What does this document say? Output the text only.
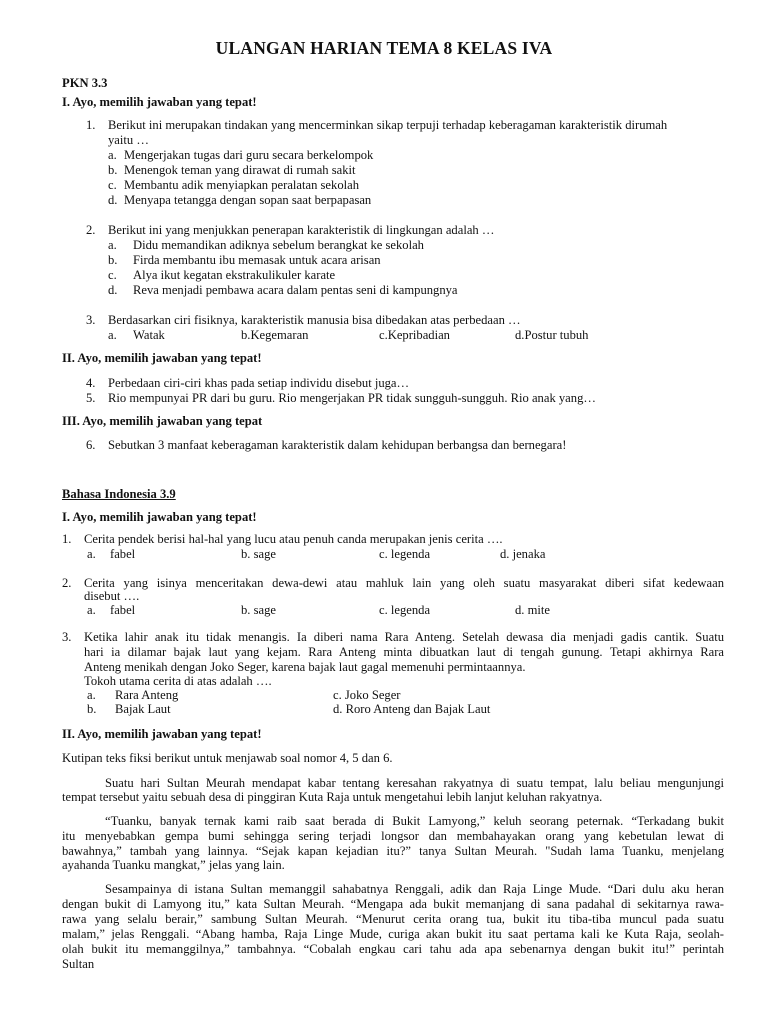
ULANGAN HARIAN TEMA 8 KELAS IVA
PKN 3.3
I. Ayo, memilih jawaban yang tepat!
1. Berikut ini merupakan tindakan yang mencerminkan sikap terpuji terhadap keberagaman karakteristik dirumah
yaitu …
a. Mengerjakan tugas dari guru secara berkelompok
b. Menengok teman yang dirawat di rumah sakit
c. Membantu adik menyiapkan peralatan sekolah
d. Menyapa tetangga dengan sopan saat berpapasan
2. Berikut ini yang menjukkan penerapan karakteristik di lingkungan adalah …
a. Didu memandikan adiknya sebelum berangkat ke sekolah
b. Firda membantu ibu memasak untuk acara arisan
c. Alya ikut kegatan ekstrakulikuler karate
d. Reva menjadi pembawa acara dalam pentas seni di kampungnya
3. Berdasarkan ciri fisiknya, karakteristik manusia bisa dibedakan atas perbedaan …
a. Watak	b.Kegemaran	c.Kepribadian	d.Postur tubuh
II. Ayo, memilih jawaban yang tepat!
4. Perbedaan ciri-ciri khas pada setiap individu disebut juga…
5. Rio mempunyai PR dari bu guru. Rio mengerjakan PR tidak sungguh-sungguh. Rio anak yang…
III. Ayo, memilih jawaban yang tepat
6. Sebutkan 3 manfaat keberagaman karakteristik dalam kehidupan berbangsa dan bernegara!
Bahasa Indonesia 3.9
I. Ayo, memilih jawaban yang tepat!
1. Cerita pendek berisi hal-hal yang lucu atau penuh canda merupakan jenis cerita ….
a. fabel	b. sage	c. legenda	d. jenaka
2. Cerita yang isinya menceritakan dewa-dewi atau mahluk lain yang oleh suatu masyarakat diberi sifat kedewaan
disebut ….
a. fabel	b. sage	c. legenda	d. mite
3. Ketika lahir anak itu tidak menangis. Ia diberi nama Rara Anteng. Setelah dewasa dia menjadi gadis cantik. Suatu
hari ia dilamar bajak laut yang kejam. Rara Anteng minta dibuatkan laut di tengah gunung. Tetapi akhirnya Rara
Anteng menikah dengan Joko Seger, karena bajak laut gagal memenuhi permintaannya.
Tokoh utama cerita di atas adalah ….
a. Rara Anteng	c. Joko Seger
b. Bajak Laut	d. Roro Anteng dan Bajak Laut
II. Ayo, memilih jawaban yang tepat!
Kutipan teks fiksi berikut untuk menjawab soal nomor 4, 5 dan 6.
Suatu hari Sultan Meurah mendapat kabar tentang keresahan rakyatnya di suatu tempat, lalu beliau mengunjungi
tempat tersebut yaitu sebuah desa di pinggiran Kuta Raja untuk mengetahui lebih lanjut keluhan rakyatnya.
“Tuanku, banyak ternak kami raib saat berada di Bukit Lamyong,” keluh seorang peternak. “Terkadang bukit
itu menyebabkan gempa bumi sehingga sering terjadi longsor dan membahayakan orang yang kebetulan lewat di
bawahnya,” tambah yang lainnya. “Sejak kapan kejadian itu?” tanya Sultan Meurah. "Sudah lama Tuanku, menjelang
ayahanda Tuanku mangkat,” jelas yang lain.
Sesampainya di istana Sultan memanggil sahabatnya Renggali, adik dan Raja Linge Mude. “Dari dulu aku heran
dengan bukit di Lamyong itu,” kata Sultan Meurah. “Mengapa ada bukit memanjang di sana padahal di sekitarnya rawa-
rawa yang selalu berair,” sambung Sultan Meurah. “Menurut cerita orang tua, bukit itu tiba-tiba muncul pada suatu
malam,” jelas Renggali. “Abang hamba, Raja Linge Mude, curiga akan bukit itu saat pertama kali ke Kuta Raja, seolah-
olah bukit itu memanggilnya,” tambahnya. “Cobalah engkau cari tahu ada apa sebenarnya dengan bukit itu!” perintah
Sultan
